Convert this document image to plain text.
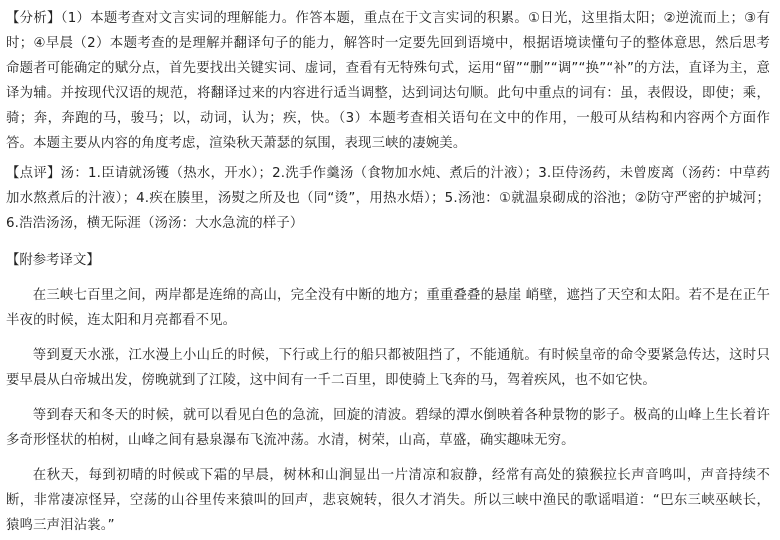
【分析】（1）本题考查对文言实词的理解能力。作答本题，重点在于文言实词的积累。①日光，这里指太阳；②逆流而上；③有时；④早晨（2）本题考查的是理解并翻译句子的能力，解答时一定要先回到语境中，根据语境读懂句子的整体意思，然后思考命题者可能确定的赋分点，首先要找出关键实词、虚词，查看有无特殊句式，运用“留”“删”“调”“换”“补”的方法，直译为主，意译为辅。并按现代汉语的规范，将翻译过来的内容进行适当调整，达到词达句顺。此句中重点的词有：虽，表假设，即使；乘，骑；奔，奔跑的马，骏马；以，动词，认为；疾，快。（3）本题考查相关语句在文中的作用，一般可从结构和内容两个方面作答。本题主要从内容的角度考虑，渲染秋天萧瑟的氛围，表现三峡的凄婉美。

【点评】汤：1.臣请就汤镬（热水，开水）；2.洗手作羹汤（食物加水炖、煮后的汁液）；3.臣侍汤药，未曾废离（汤药：中草药加水熬煮后的汁液）；4.疾在腠里，汤熨之所及也（同“烫”，用热水焐）；5.汤池：①就温泉砌成的浴池；②防守严密的护城河；6.浩浩汤汤，横无际涯（汤汤：大水急流的样子）

【附参考译文】

在三峡七百里之间，两岸都是连绵的高山，完全没有中断的地方；重重叠叠的悬崖 峭壁，遮挡了天空和太阳。若不是在正午半夜的时候，连太阳和月亮都看不见。

等到夏天水涨，江水漫上小山丘的时候，下行或上行的船只都被阻挡了，不能通航。有时候皇帝的命令要紧急传达，这时只要早晨从白帝城出发，傍晚就到了江陵，这中间有一千二百里，即使骑上飞奔的马，驾着疾风，也不如它快。

等到春天和冬天的时候，就可以看见白色的急流，回旋的清波。碧绿的潭水倒映着各种景物的影子。极高的山峰上生长着许多奇形怪状的柏树，山峰之间有悬泉瀑布飞流冲荡。水清，树荣，山高，草盛，确实趣味无穷。

在秋天，每到初晴的时候或下霜的早晨，树林和山涧显出一片清凉和寂静，经常有高处的猿猴拉长声音鸣叫，声音持续不断，非常凄凉怪异，空荡的山谷里传来猿叫的回声，悲哀婉转，很久才消失。所以三峡中渔民的歌谣唱道：“巴东三峡巫峡长，猿鸣三声泪沾裳。”
